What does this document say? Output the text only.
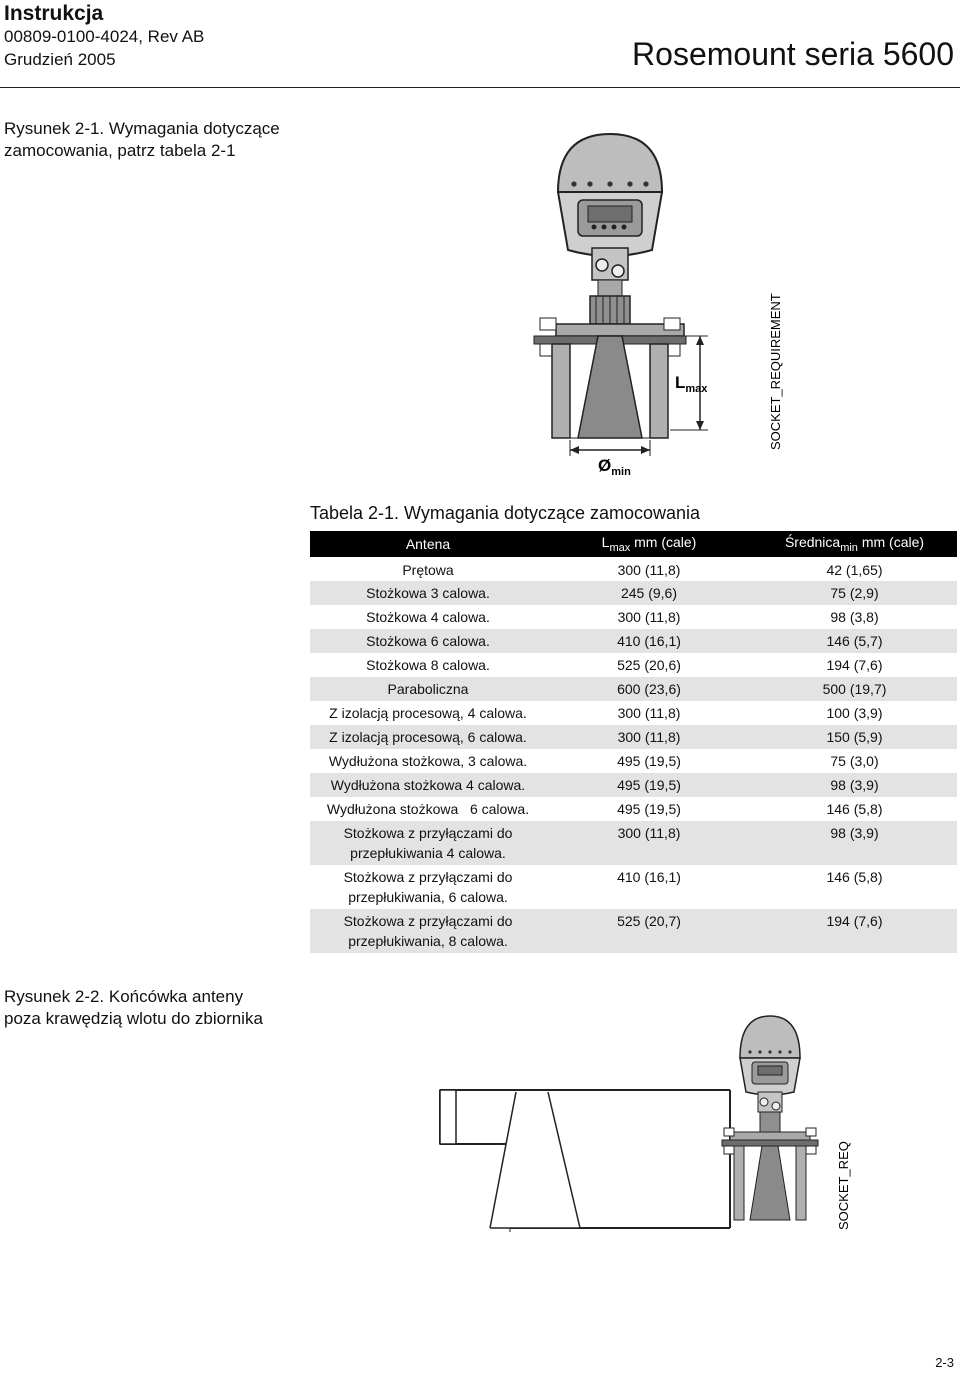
Instrukcja
00809-0100-4024, Rev AB
Grudzień 2005	Rosemount seria 5600
Rysunek 2-1. Wymagania dotyczące zamocowania, patrz tabela 2-1
$L_{max}$
$Ø_{min}$
SOCKET_REQUIREMENT
Tabela 2-1. Wymagania dotyczące zamocowania
Antena	$L_{max}$ mm (cale)	Średnica$_{min}$ mm (cale)
Prętowa	300 (11,8)	42 (1,65)
Stożkowa 3 calowa.	245 (9,6)	75 (2,9)
Stożkowa 4 calowa.	300 (11,8)	98 (3,8)
Stożkowa 6 calowa.	410 (16,1)	146 (5,7)
Stożkowa 8 calowa.	525 (20,6)	194 (7,6)
Paraboliczna	600 (23,6)	500 (19,7)
Z izolacją procesową, 4 calowa.	300 (11,8)	100 (3,9)
Z izolacją procesową, 6 calowa.	300 (11,8)	150 (5,9)
Wydłużona stożkowa, 3 calowa.	495 (19,5)	75 (3,0)
Wydłużona stożkowa 4 calowa.	495 (19,5)	98 (3,9)
Wydłużona stożkowa   6 calowa.	495 (19,5)	146 (5,8)

Stożkowa z przyłączami do
przepłukiwania 4 calowa.	300 (11,8)	98 (3,9)

Stożkowa z przyłączami do
przepłukiwania, 6 calowa.	410 (16,1)	146 (5,8)

Stożkowa z przyłączami do
przepłukiwania, 8 calowa.	525 (20,7)	194 (7,6)
Rysunek 2-2. Końcówka anteny poza krawędzią wlotu do zbiornika
SOCKET_REQ
2-3
